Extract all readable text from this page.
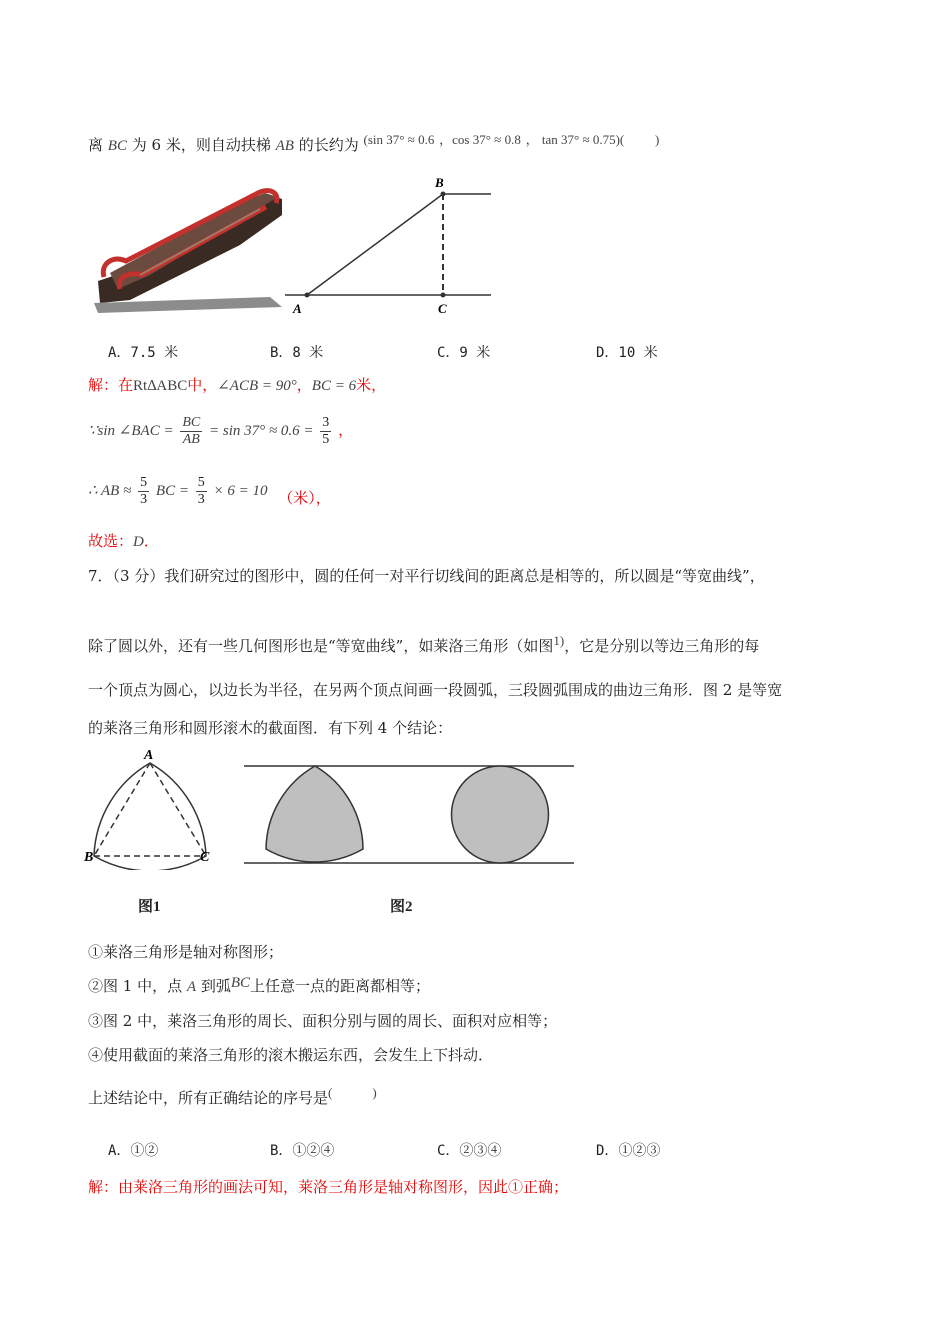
离 BC 为 6 米，则自动扶梯 AB 的长约为 (sin 37° ≈ 0.6 ，cos 37° ≈ 0.8 ， tan 37° ≈ 0.75)( )
A
B
C
A．7.5 米	B．8 米	C．9 米	D．10 米
解：在Rt∆ABC中，∠ACB = 90°，BC = 6米，
∵sin ∠BAC = $\frac{BC}{AB} = \sin 37^\circ \approx 0.6 = \frac{3}{5}$ ，
∴ AB ≈ $\frac{5}{3}$ BC = $\frac{5}{3} \times 6 = 10$ （米），
故选：D．
7．（3 分）我们研究过的图形中，圆的任何一对平行切线间的距离总是相等的，所以圆是“等宽曲线”，
除了圆以外，还有一些几何图形也是“等宽曲线”，如莱洛三角形（如图1)，它是分别以等边三角形的每
一个顶点为圆心，以边长为半径，在另两个顶点间画一段圆弧，三段圆弧围成的曲边三角形．图 2 是等宽
的莱洛三角形和圆形滚木的截面图．有下列 4 个结论：
A
B	C
图1	图2
①莱洛三角形是轴对称图形；
②图 1 中，点 A 到弧BC上任意一点的距离都相等；
③图 2 中，莱洛三角形的周长、面积分别与圆的周长、面积对应相等；
④使用截面的莱洛三角形的滚木搬运东西，会发生上下抖动．
上述结论中，所有正确结论的序号是(	)
A．①②	B．①②④	C．②③④	D．①②③
解：由莱洛三角形的画法可知，莱洛三角形是轴对称图形，因此①正确；
